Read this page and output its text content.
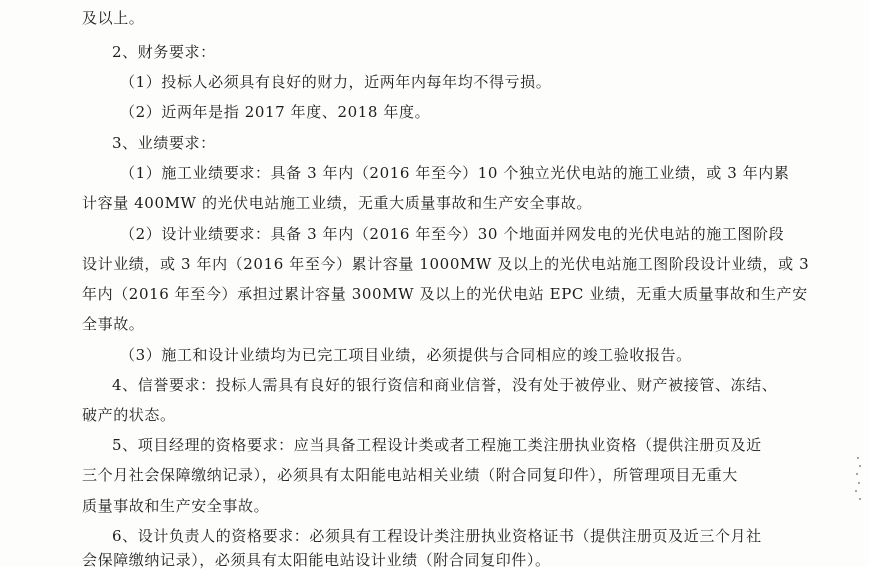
及以上。
2、财务要求：
（1）投标人必须具有良好的财力，近两年内每年均不得亏损。
（2）近两年是指 2017 年度、2018 年度。
3、业绩要求：
（1）施工业绩要求：具备 3 年内（2016 年至今）10 个独立光伏电站的施工业绩，或 3 年内累
计容量 400MW 的光伏电站施工业绩，无重大质量事故和生产安全事故。
（2）设计业绩要求：具备 3 年内（2016 年至今）30 个地面并网发电的光伏电站的施工图阶段
设计业绩，或 3 年内（2016 年至今）累计容量 1000MW 及以上的光伏电站施工图阶段设计业绩，或 3
年内（2016 年至今）承担过累计容量 300MW 及以上的光伏电站 EPC 业绩，无重大质量事故和生产安
全事故。
（3）施工和设计业绩均为已完工项目业绩，必须提供与合同相应的竣工验收报告。
4、信誉要求：投标人需具有良好的银行资信和商业信誉，没有处于被停业、财产被接管、冻结、
破产的状态。
5、项目经理的资格要求：应当具备工程设计类或者工程施工类注册执业资格（提供注册页及近
三个月社会保障缴纳记录），必须具有太阳能电站相关业绩（附合同复印件），所管理项目无重大
质量事故和生产安全事故。
6、设计负责人的资格要求：必须具有工程设计类注册执业资格证书（提供注册页及近三个月社
会保障缴纳记录），必须具有太阳能电站设计业绩（附合同复印件）。
